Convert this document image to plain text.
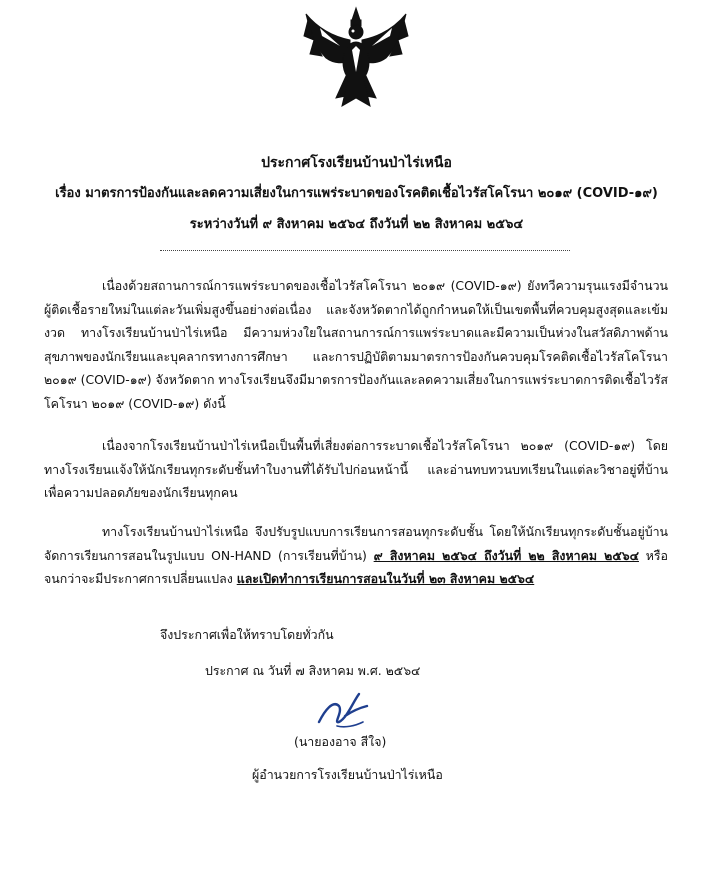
ประกาศโรงเรียนบ้านป่าไร่เหนือ
เรื่อง มาตรการป้องกันและลดความเสี่ยงในการแพร่ระบาดของโรคติดเชื้อไวรัสโคโรนา ๒๐๑๙ (COVID-๑๙)
ระหว่างวันที่ ๙ สิงหาคม ๒๕๖๔ ถึงวันที่ ๒๒ สิงหาคม ๒๕๖๔

เนื่องด้วยสถานการณ์การแพร่ระบาดของเชื้อไวรัสโคโรนา ๒๐๑๙ (COVID-๑๙) ยังทวีความรุนแรงมีจำนวนผู้ติดเชื้อรายใหม่ในแต่ละวันเพิ่มสูงขึ้นอย่างต่อเนื่อง และจังหวัดตากได้ถูกกำหนดให้เป็นเขตพื้นที่ควบคุมสูงสุดและเข้มงวด ทางโรงเรียนบ้านป่าไร่เหนือ มีความห่วงใยในสถานการณ์การแพร่ระบาดและมีความเป็นห่วงในสวัสดิภาพด้านสุขภาพของนักเรียนและบุคลากรทางการศึกษา และการปฏิบัติตามมาตรการป้องกันควบคุมโรคติดเชื้อไวรัสโคโรนา ๒๐๑๙ (COVID-๑๙) จังหวัดตาก ทางโรงเรียนจึงมีมาตรการป้องกันและลดความเสี่ยงในการแพร่ระบาดการติดเชื้อไวรัสโคโรนา ๒๐๑๙ (COVID-๑๙) ดังนี้

เนื่องจากโรงเรียนบ้านป่าไร่เหนือเป็นพื้นที่เสี่ยงต่อการระบาดเชื้อไวรัสโคโรนา ๒๐๑๙ (COVID-๑๙) โดยทางโรงเรียนแจ้งให้นักเรียนทุกระดับชั้นทำใบงานที่ได้รับไปก่อนหน้านี้ และอ่านทบทวนบทเรียนในแต่ละวิชาอยู่ที่บ้าน เพื่อความปลอดภัยของนักเรียนทุกคน

ทางโรงเรียนบ้านป่าไร่เหนือ จึงปรับรูปแบบการเรียนการสอนทุกระดับชั้น โดยให้นักเรียนทุกระดับชั้นอยู่บ้าน จัดการเรียนการสอนในรูปแบบ ON-HAND (การเรียนที่บ้าน) ๙ สิงหาคม ๒๕๖๔ ถึงวันที่ ๒๒ สิงหาคม ๒๕๖๔ หรือจนกว่าจะมีประกาศการเปลี่ยนแปลง และเปิดทำการเรียนการสอนในวันที่ ๒๓ สิงหาคม ๒๕๖๔

จึงประกาศเพื่อให้ทราบโดยทั่วกัน
ประกาศ ณ วันที่ ๗ สิงหาคม พ.ศ. ๒๕๖๔
(นายองอาจ สีใจ)
ผู้อำนวยการโรงเรียนบ้านป่าไร่เหนือ
